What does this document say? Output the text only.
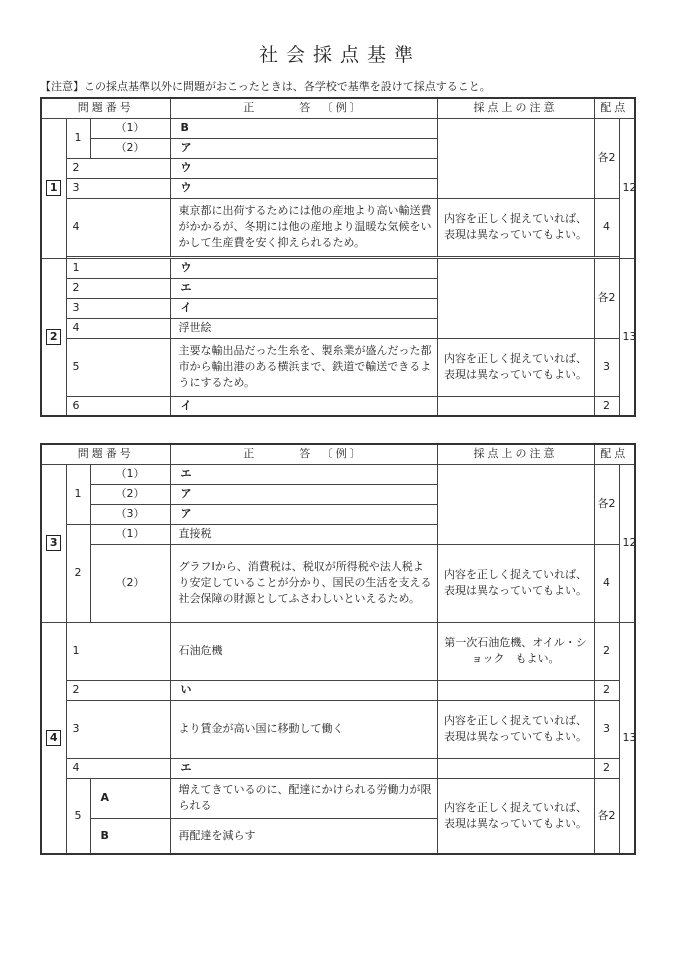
社会採点基準
【注意】この採点基準以外に問題がおこったときは、各学校で基準を設けて採点すること。
問題番号			正　　　答　〔例〕	採点上の注意	配点	
1	1	（1）	B		各2	12
		（2）	ア			
	2		ウ			
	3		ウ			
	4		東京都に出荷するためには他の産地より高い輸送費がかかるが、冬期には他の産地より温暖な気候をいかして生産費を安く抑えられるため。	内容を正しく捉えていれば、表現は異なっていてもよい。	4	

2	1		ウ		各2	13
	2		エ			
	3		イ			
	4		浮世絵			
	5		主要な輸出品だった生糸を、製糸業が盛んだった都市から輸出港のある横浜まで、鉄道で輸送できるようにするため。	内容を正しく捉えていれば、表現は異なっていてもよい。	3	
	6		イ		2	
問題番号			正　　　答　〔例〕	採点上の注意	配点	
3	1	（1）	エ		各2	12
		（2）	ア			
		（3）	ア			
	2	（1）	直接税			
		（2）	グラフⅠから、消費税は、税収が所得税や法人税より安定していることが分かり、国民の生活を支える社会保障の財源としてふさわしいといえるため。	内容を正しく捉えていれば、表現は異なっていてもよい。	4	
4	1		石油危機	第一次石油危機、オイル・ショック　もよい。	2	13
	2		い		2	
	3		より賃金が高い国に移動して働く	内容を正しく捉えていれば、表現は異なっていてもよい。	3	
	4		エ		2	
	5	A	増えてきているのに、配達にかけられる労働力が限られる	内容を正しく捉えていれば、表現は異なっていてもよい。	各2	
		B	再配達を減らす			
